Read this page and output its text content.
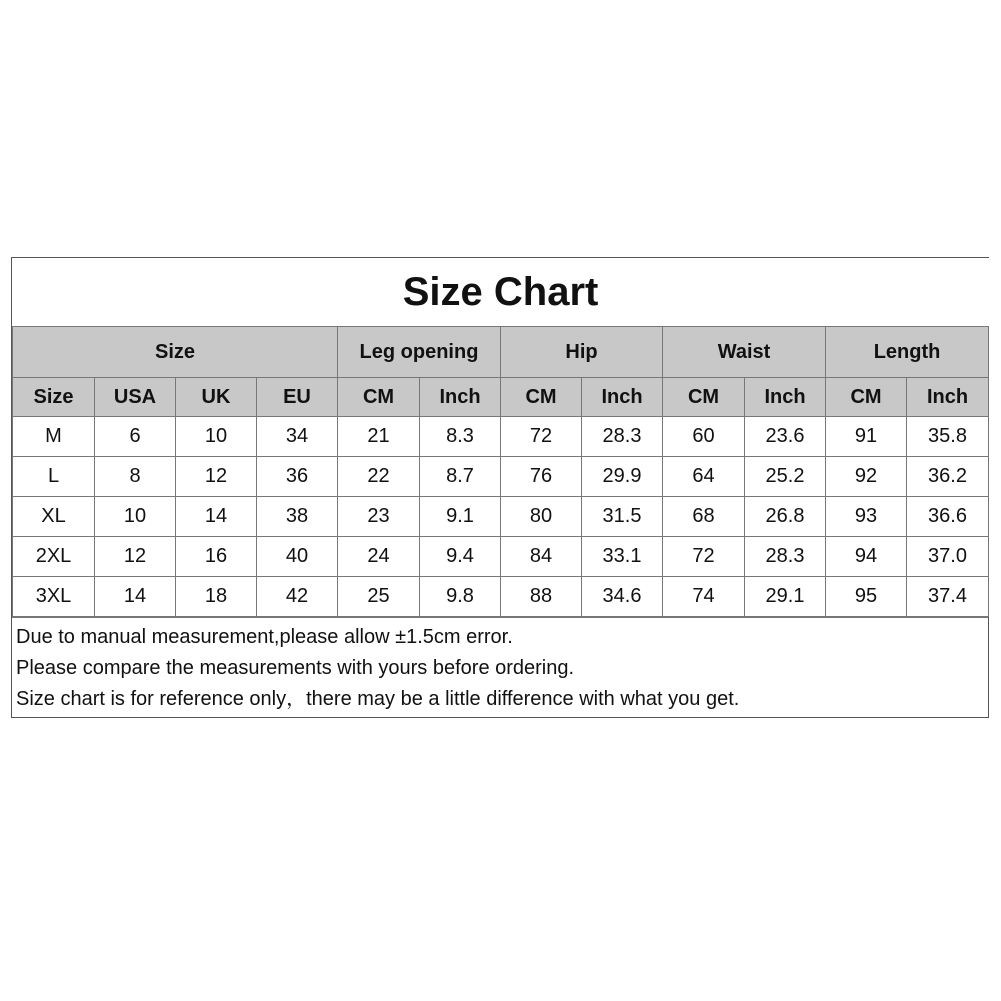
Size Chart											
Size				Leg opening		Hip		Waist		Length	
Size	USA	UK	EU	CM	Inch	CM	Inch	CM	Inch	CM	Inch
M	6	10	34	21	8.3	72	28.3	60	23.6	91	35.8
L	8	12	36	22	8.7	76	29.9	64	25.2	92	36.2
XL	10	14	38	23	9.1	80	31.5	68	26.8	93	36.6
2XL	12	16	40	24	9.4	84	33.1	72	28.3	94	37.0
3XL	14	18	42	25	9.8	88	34.6	74	29.1	95	37.4
Due to manual measurement,please allow ±1.5cm error.
Please compare the measurements with yours before ordering.
Size chart is for reference only，there may be a little difference with what you get.
